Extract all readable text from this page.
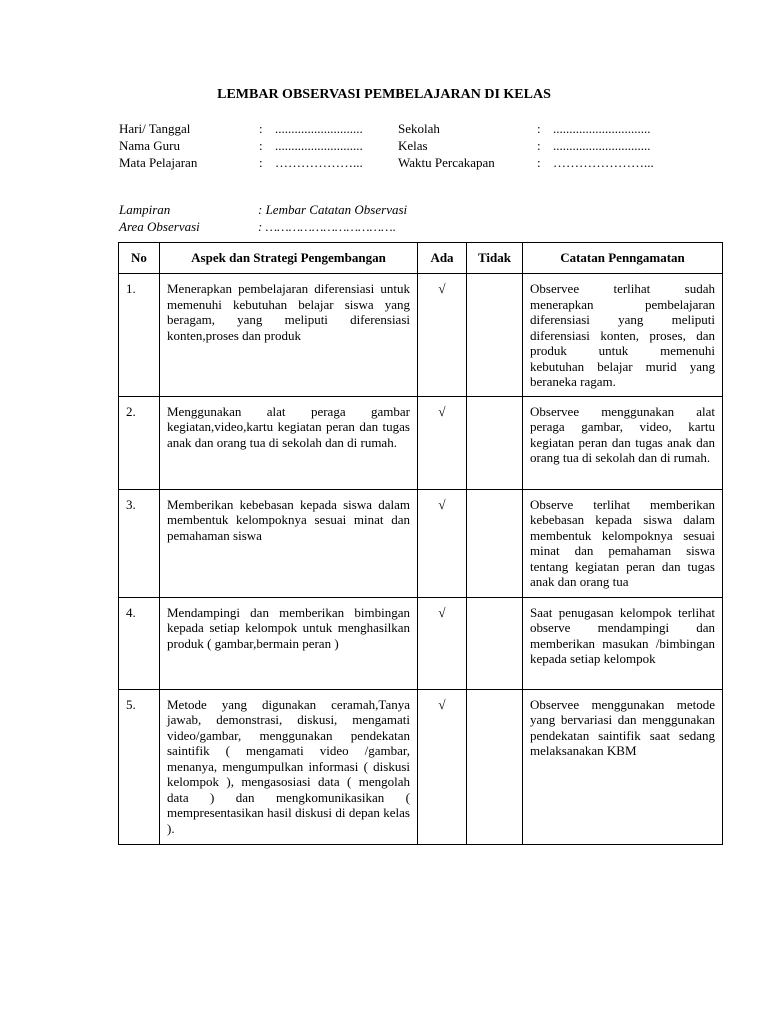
LEMBAR OBSERVASI PEMBELAJARAN DI KELAS
Hari/ Tanggal	: ...........................	Sekolah	: ..............................
Nama Guru	: ...........................	Kelas	: ..............................
Mata Pelajaran	: ………………...	Waktu Percakapan	: …………………...
Lampiran	: Lembar Catatan Observasi
Area Observasi	: …………………………….
No	Aspek dan Strategi Pengembangan	Ada	Tidak	Catatan Penngamatan
1.	Menerapkan pembelajaran diferensiasi untuk memenuhi kebutuhan belajar siswa yang beragam, yang meliputi diferensiasi konten,proses dan produk	√		Observee terlihat sudah menerapkan pembelajaran diferensiasi yang meliputi diferensiasi konten, proses, dan produk untuk memenuhi kebutuhan belajar murid yang beraneka ragam.
2.	Menggunakan alat peraga gambar kegiatan,video,kartu kegiatan peran dan tugas anak dan orang tua di sekolah dan di rumah.	√		Observee menggunakan alat peraga gambar, video, kartu kegiatan peran dan tugas anak dan orang tua di sekolah dan di rumah.
3.	Memberikan kebebasan kepada siswa dalam membentuk kelompoknya sesuai minat dan pemahaman siswa	√		Observe terlihat memberikan kebebasan kepada siswa dalam membentuk kelompoknya sesuai minat dan pemahaman siswa tentang kegiatan peran dan tugas anak dan orang tua
4.	Mendampingi dan memberikan bimbingan kepada setiap kelompok untuk menghasilkan produk ( gambar,bermain peran )	√		Saat penugasan kelompok terlihat observe mendampingi dan memberikan masukan /bimbingan kepada setiap kelompok
5.	Metode yang digunakan ceramah,Tanya jawab, demonstrasi, diskusi, mengamati video/gambar, menggunakan pendekatan saintifik ( mengamati video /gambar, menanya, mengumpulkan informasi ( diskusi kelompok ), mengasosiasi data ( mengolah data ) dan mengkomunikasikan ( mempresentasikan hasil diskusi di depan kelas ).	√		Observee menggunakan metode yang bervariasi dan menggunakan pendekatan saintifik saat sedang melaksanakan KBM
